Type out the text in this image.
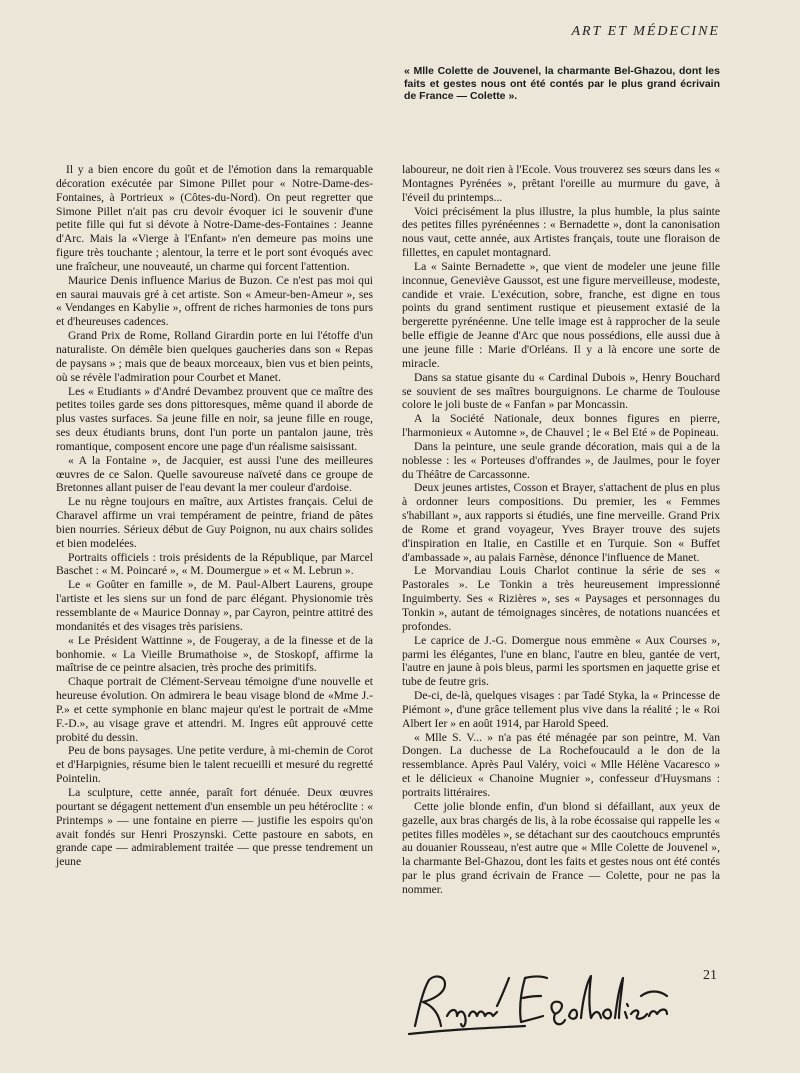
ART ET MÉDECINE
« Mlle Colette de Jouvenel, la charmante Bel-Ghazou, dont les faits et gestes nous ont été contés par le plus grand écrivain de France — Colette ».

Il y a bien encore du goût et de l'émotion dans la remarquable décoration exécutée par Simone Pillet pour « Notre-Dame-des-Fontaines, à Portrieux » (Côtes-du-Nord). On peut regretter que Simone Pillet n'ait pas cru devoir évoquer ici le souvenir d'une petite fille qui fut si dévote à Notre-Dame-des-Fontaines : Jeanne d'Arc. Mais la «Vierge à l'Enfant» n'en demeure pas moins une figure très touchante ; alentour, la terre et le port sont évoqués avec une fraîcheur, une nouveauté, un charme qui forcent l'attention.

Maurice Denis influence Marius de Buzon. Ce n'est pas moi qui en saurai mauvais gré à cet artiste. Son « Ameur-ben-Ameur », ses « Vendanges en Kabylie », offrent de riches harmonies de tons purs et d'heureuses cadences.

Grand Prix de Rome, Rolland Girardin porte en lui l'étoffe d'un naturaliste. On démêle bien quelques gaucheries dans son « Repas de paysans » ; mais que de beaux morceaux, bien vus et bien peints, où se révèle l'admiration pour Courbet et Manet.

Les « Etudiants » d'André Devambez prouvent que ce maître des petites toiles garde ses dons pittoresques, même quand il aborde de plus vastes surfaces. Sa jeune fille en noir, sa jeune fille en rouge, ses deux étudiants bruns, dont l'un porte un pantalon jaune, très romantique, composent encore une page d'un réalisme saisissant.

« A la Fontaine », de Jacquier, est aussi l'une des meilleures œuvres de ce Salon. Quelle savoureuse naïveté dans ce groupe de Bretonnes allant puiser de l'eau devant la mer couleur d'ardoise.

Le nu règne toujours en maître, aux Artistes français. Celui de Charavel affirme un vrai tempérament de peintre, friand de pâtes bien nourries. Sérieux début de Guy Poignon, nu aux chairs solides et bien modelées.

Portraits officiels : trois présidents de la République, par Marcel Baschet : « M. Poincaré », « M. Doumergue » et « M. Lebrun ».

Le « Goûter en famille », de M. Paul-Albert Laurens, groupe l'artiste et les siens sur un fond de parc élégant. Physionomie très ressemblante de « Maurice Donnay », par Cayron, peintre attitré des mondanités et des visages très parisiens.

« Le Président Wattinne », de Fougeray, a de la finesse et de la bonhomie. « La Vieille Brumathoise », de Stoskopf, affirme la maîtrise de ce peintre alsacien, très proche des primitifs.

Chaque portrait de Clément-Serveau témoigne d'une nouvelle et heureuse évolution. On admirera le beau visage blond de «Mme J.-P.» et cette symphonie en blanc majeur qu'est le portrait de «Mme F.-D.», au visage grave et attendri. M. Ingres eût approuvé cette probité du dessin.

Peu de bons paysages. Une petite verdure, à mi-chemin de Corot et d'Harpignies, résume bien le talent recueilli et mesuré du regretté Pointelin.

La sculpture, cette année, paraît fort dénuée. Deux œuvres pourtant se dégagent nettement d'un ensemble un peu hétéroclite : « Printemps » — une fontaine en pierre — justifie les espoirs qu'on avait fondés sur Henri Proszynski. Cette pastoure en sabots, en grande cape — admirablement traitée — que presse tendrement un jeune

laboureur, ne doit rien à l'Ecole. Vous trouverez ses sœurs dans les « Montagnes Pyrénées », prêtant l'oreille au murmure du gave, à l'éveil du printemps...

Voici précisément la plus illustre, la plus humble, la plus sainte des petites filles pyrénéennes : « Bernadette », dont la canonisation nous vaut, cette année, aux Artistes français, toute une floraison de fillettes, en capulet montagnard.

La « Sainte Bernadette », que vient de modeler une jeune fille inconnue, Geneviève Gaussot, est une figure merveilleuse, modeste, candide et vraie. L'exécution, sobre, franche, est digne en tous points du grand sentiment rustique et pieusement extasié de la bergerette pyrénéenne. Une telle image est à rapprocher de la seule belle effigie de Jeanne d'Arc que nous possédions, elle aussi due à une jeune fille : Marie d'Orléans. Il y a là encore une sorte de miracle.

Dans sa statue gisante du « Cardinal Dubois », Henry Bouchard se souvient de ses maîtres bourguignons. Le charme de Toulouse colore le joli buste de « Fanfan » par Moncassin.

A la Société Nationale, deux bonnes figures en pierre, l'harmonieux « Automne », de Chauvel ; le « Bel Eté » de Popineau.

Dans la peinture, une seule grande décoration, mais qui a de la noblesse : les « Porteuses d'offrandes », de Jaulmes, pour le foyer du Théâtre de Carcassonne.

Deux jeunes artistes, Cosson et Brayer, s'attachent de plus en plus à ordonner leurs compositions. Du premier, les « Femmes s'habillant », aux rapports si étudiés, une fine merveille. Grand Prix de Rome et grand voyageur, Yves Brayer trouve des sujets d'inspiration en Italie, en Castille et en Turquie. Son « Buffet d'ambassade », au palais Farnèse, dénonce l'influence de Manet.

Le Morvandiau Louis Charlot continue la série de ses « Pastorales ». Le Tonkin a très heureusement impressionné Inguimberty. Ses « Rizières », ses « Paysages et personnages du Tonkin », autant de témoignages sincères, de notations nuancées et profondes.

Le caprice de J.-G. Domergue nous emmène « Aux Courses », parmi les élégantes, l'une en blanc, l'autre en bleu, gantée de vert, l'autre en jaune à pois bleus, parmi les sportsmen en jaquette grise et tube de feutre gris.

De-ci, de-là, quelques visages : par Tadé Styka, la « Princesse de Piémont », d'une grâce tellement plus vive dans la réalité ; le « Roi Albert Ier » en août 1914, par Harold Speed.

« Mlle S. V... » n'a pas été ménagée par son peintre, M. Van Dongen. La duchesse de La Rochefoucauld a le don de la ressemblance. Après Paul Valéry, voici « Mlle Hélène Vacaresco » et le délicieux « Chanoine Mugnier », confesseur d'Huysmans : portraits littéraires.

Cette jolie blonde enfin, d'un blond si défaillant, aux yeux de gazelle, aux bras chargés de lis, à la robe écossaise qui rappelle les « petites filles modèles », se détachant sur des caoutchoucs empruntés au douanier Rousseau, n'est autre que « Mlle Colette de Jouvenel », la charmante Bel-Ghazou, dont les faits et gestes nous ont été contés par le plus grand écrivain de France — Colette, pour ne pas la nommer.

21
